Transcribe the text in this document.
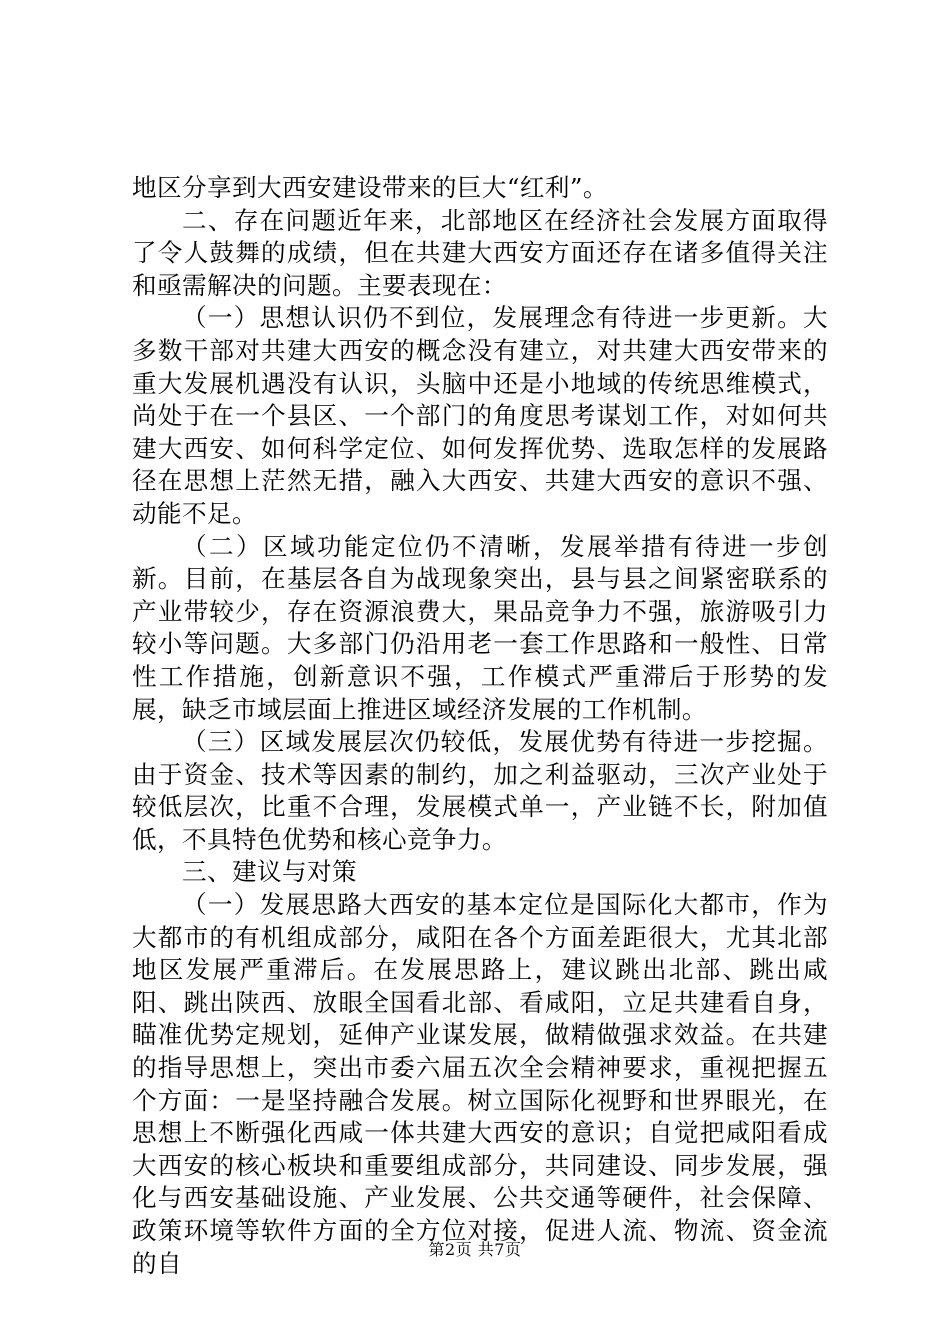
地区分享到大西安建设带来的巨大“红利”。

二、存在问题近年来，北部地区在经济社会发展方面取得了令人鼓舞的成绩，但在共建大西安方面还存在诸多值得关注和亟需解决的问题。主要表现在：

（一）思想认识仍不到位，发展理念有待进一步更新。大多数干部对共建大西安的概念没有建立，对共建大西安带来的重大发展机遇没有认识，头脑中还是小地域的传统思维模式，尚处于在一个县区、一个部门的角度思考谋划工作，对如何共建大西安、如何科学定位、如何发挥优势、选取怎样的发展路径在思想上茫然无措，融入大西安、共建大西安的意识不强、动能不足。

（二）区域功能定位仍不清晰，发展举措有待进一步创新。目前，在基层各自为战现象突出，县与县之间紧密联系的产业带较少，存在资源浪费大，果品竞争力不强，旅游吸引力较小等问题。大多部门仍沿用老一套工作思路和一般性、日常性工作措施，创新意识不强，工作模式严重滞后于形势的发展，缺乏市域层面上推进区域经济发展的工作机制。

（三）区域发展层次仍较低，发展优势有待进一步挖掘。由于资金、技术等因素的制约，加之利益驱动，三次产业处于较低层次，比重不合理，发展模式单一，产业链不长，附加值低，不具特色优势和核心竞争力。

三、建议与对策

（一）发展思路大西安的基本定位是国际化大都市，作为大都市的有机组成部分，咸阳在各个方面差距很大，尤其北部地区发展严重滞后。在发展思路上，建议跳出北部、跳出咸阳、跳出陕西、放眼全国看北部、看咸阳，立足共建看自身，瞄准优势定规划，延伸产业谋发展，做精做强求效益。在共建的指导思想上，突出市委六届五次全会精神要求，重视把握五个方面：一是坚持融合发展。树立国际化视野和世界眼光，在思想上不断强化西咸一体共建大西安的意识；自觉把咸阳看成大西安的核心板块和重要组成部分，共同建设、同步发展，强化与西安基础设施、产业发展、公共交通等硬件，社会保障、政策环境等软件方面的全方位对接，促进人流、物流、资金流的自	第2页 共7页
